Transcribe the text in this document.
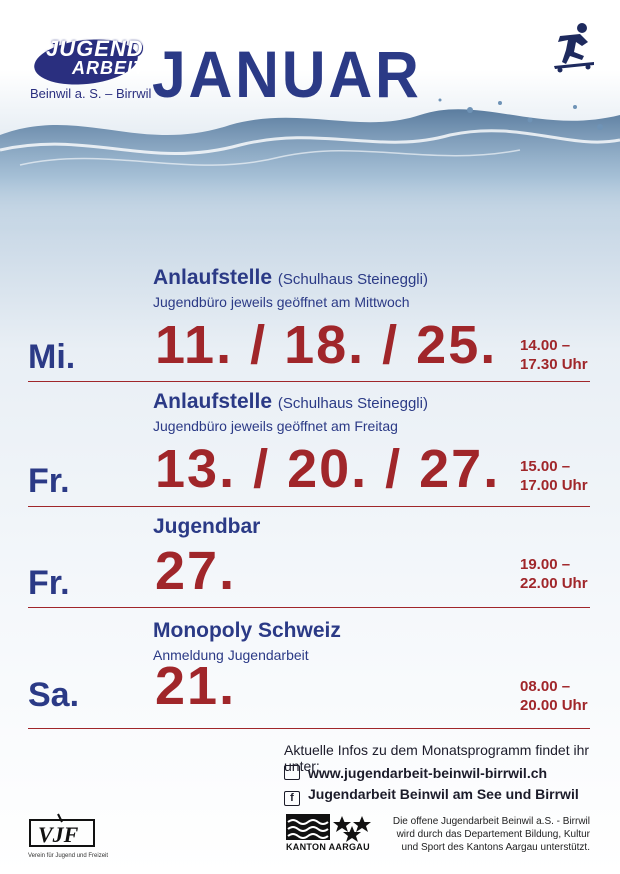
JUGEND
ARBEIT
Beinwil a. S. – Birrwil JANUAR
Anlaufstelle (Schulhaus Steineggli)
Jugendbüro jeweils geöffnet am Mittwoch
Mi. 11. / 18. / 25. 14.00 –
17.30 Uhr
Anlaufstelle (Schulhaus Steineggli)
Jugendbüro jeweils geöffnet am Freitag
Fr. 13. / 20. / 27. 15.00 –
17.00 Uhr
Jugendbar
Fr. 27.	19.00 –
22.00 Uhr
Monopoly Schweiz
Anmeldung Jugendarbeit
Sa. 21.	08.00 –
20.00 Uhr
Aktuelle Infos zu dem Monatsprogramm findet ihr unter:
www.jugendarbeit-beinwil-birrwil.ch
f Jugendarbeit Beinwil am See und Birrwil
VJF
Verein für Jugend und Freizeit
KANTON AARGAU
Die offene Jugendarbeit Beinwil a.S. - Birrwil wird durch das Departement Bildung, Kultur und Sport des Kantons Aargau unterstützt.
